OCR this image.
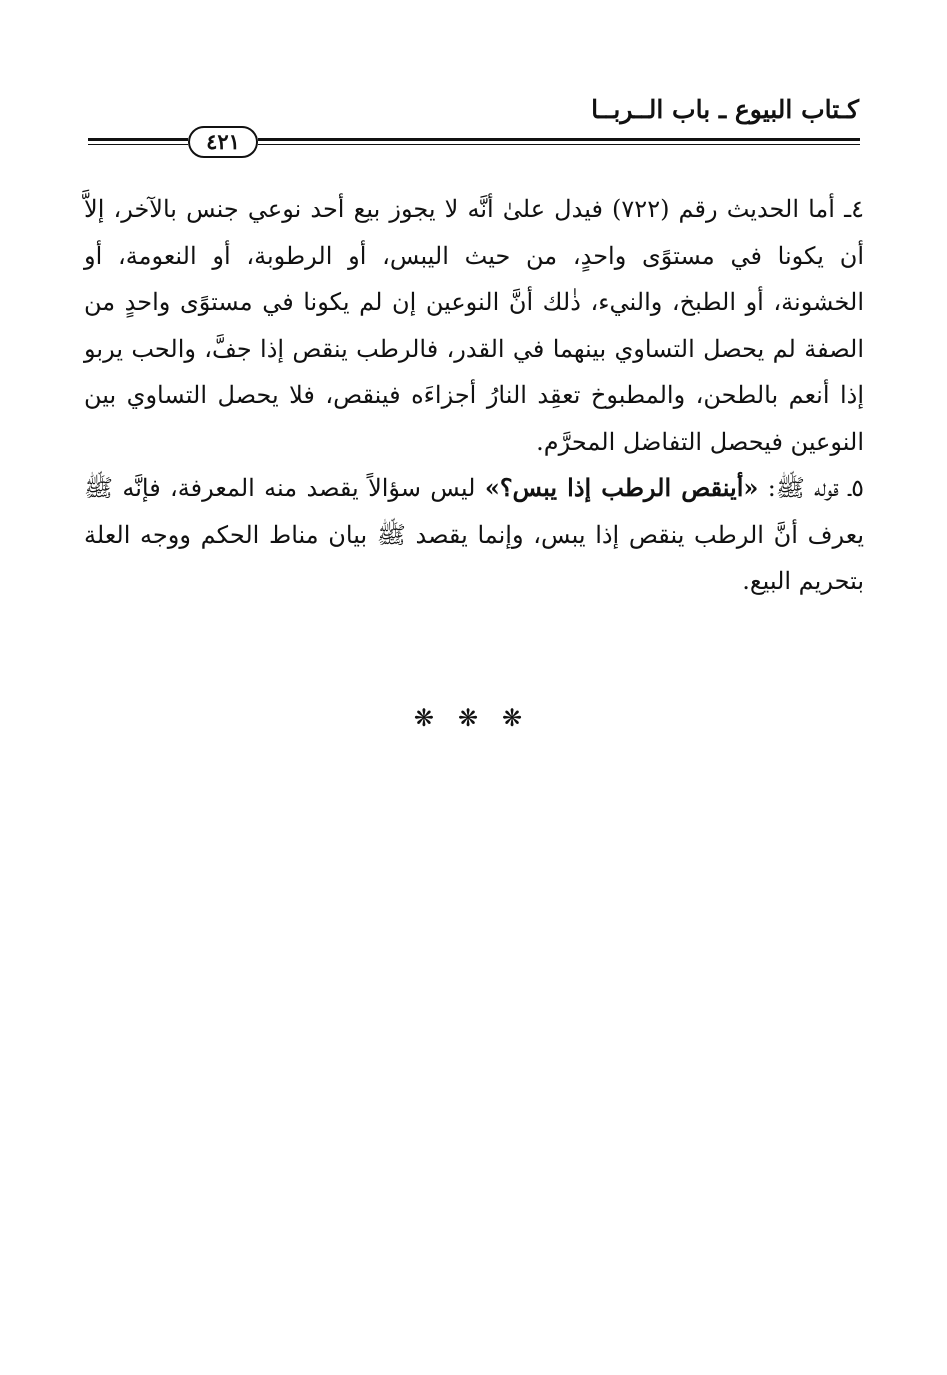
كـتاب البيوع ـ باب الــربــا
٤٢١

٤ـ أما الحديث رقم (٧٢٢) فيدل علىٰ أنَّه لا يجوز بيع أحد نوعي جنس بالآخر، إلاَّ أن يكونا في مستوًى واحدٍ، من حيث اليبس، أو الرطوبة، أو النعومة، أو الخشونة، أو الطبخ، والنيء، ذٰلك أنَّ النوعين إن لم يكونا في مستوًى واحدٍ من الصفة لم يحصل التساوي بينهما في القدر، فالرطب ينقص إذا جفَّ، والحب يربو إذا أنعم بالطحن، والمطبوخ تعقِد النارُ أجزاءَه فينقص، فلا يحصل التساوي بين النوعين فيحصل التفاضل المحرَّم.

٥ـ قوله ﷺ: «أينقص الرطب إذا يبس؟» ليس سؤالاً يقصد منه المعرفة، فإنَّه ﷺ يعرف أنَّ الرطب ينقص إذا يبس، وإنما يقصد ﷺ بيان مناط الحكم ووجه العلة بتحريم البيع.

❋❋❋
